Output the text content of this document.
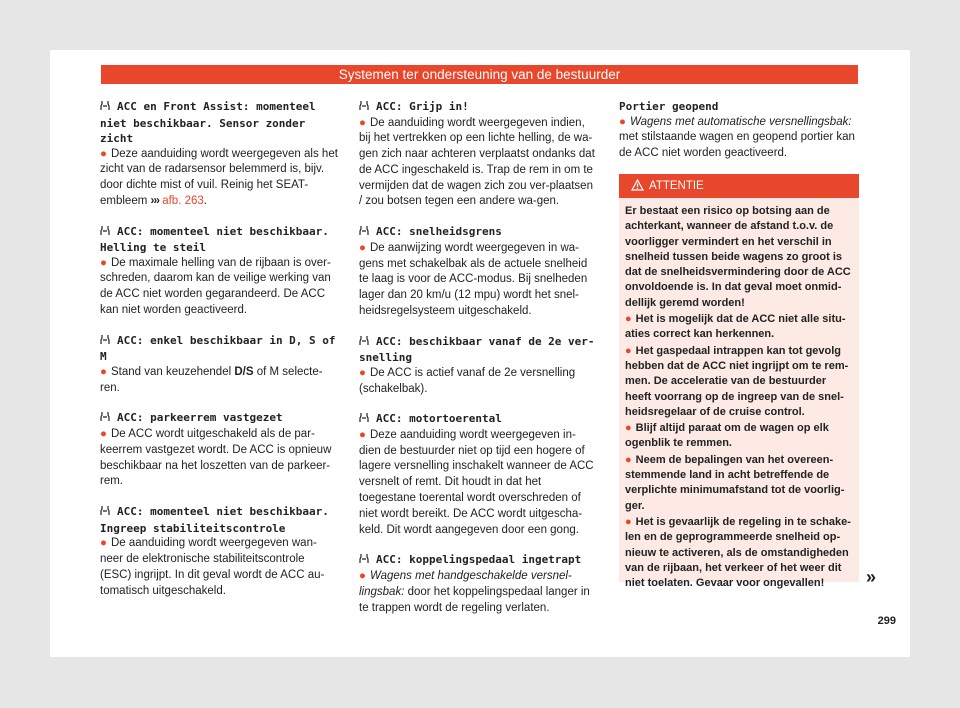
Systemen ter ondersteuning van de bestuurder
ACC en Front Assist: momenteel niet beschikbaar. Sensor zonder zicht
● Deze aanduiding wordt weergegeven als het zicht van de radarsensor belemmerd is, bijv. door dichte mist of vuil. Reinig het SEAT-embleem ››› afb. 263.
ACC: momenteel niet beschikbaar. Helling te steil
● De maximale helling van de rijbaan is over-schreden, daarom kan de veilige werking van de ACC niet worden gegarandeerd. De ACC kan niet worden geactiveerd.
ACC: enkel beschikbaar in D, S of M
● Stand van keuzehendel D/S of M selecte-ren.
ACC: parkeerrem vastgezet
● De ACC wordt uitgeschakeld als de par-keerrem vastgezet wordt. De ACC is opnieuw beschikbaar na het loszetten van de parkeer-rem.
ACC: momenteel niet beschikbaar. Ingreep stabiliteitscontrole
● De aanduiding wordt weergegeven wan-neer de elektronische stabiliteitscontrole (ESC) ingrijpt. In dit geval wordt de ACC au-tomatisch uitgeschakeld.
ACC: Grijp in!
● De aanduiding wordt weergegeven indien, bij het vertrekken op een lichte helling, de wa-gen zich naar achteren verplaatst ondanks dat de ACC ingeschakeld is. Trap de rem in om te vermijden dat de wagen zich zou ver-plaatsen / zou botsen tegen een andere wa-gen.
ACC: snelheidsgrens
● De aanwijzing wordt weergegeven in wa-gens met schakelbak als de actuele snelheid te laag is voor de ACC-modus. Bij snelheden lager dan 20 km/u (12 mpu) wordt het snel-heidsregelsysteem uitgeschakeld.
ACC: beschikbaar vanaf de 2e ver-snelling
● De ACC is actief vanaf de 2e versnelling (schakelbak).
ACC: motortoerental
● Deze aanduiding wordt weergegeven in-dien de bestuurder niet op tijd een hogere of lagere versnelling inschakelt wanneer de ACC versnelt of remt. Dit houdt in dat het toegestane toerental wordt overschreden of niet wordt bereikt. De ACC wordt uitgescha-keld. Dit wordt aangegeven door een gong.
ACC: koppelingspedaal ingetrapt
● Wagens met handgeschakelde versnel-lingsbak: door het koppelingspedaal langer in te trappen wordt de regeling verlaten.
Portier geopend
● Wagens met automatische versnellingsbak: met stilstaande wagen en geopend portier kan de ACC niet worden geactiveerd.
ATTENTIE
Er bestaat een risico op botsing aan de achterkant, wanneer de afstand t.o.v. de voorligger vermindert en het verschil in snelheid tussen beide wagens zo groot is dat de snelheidsvermindering door de ACC onvoldoende is. In dat geval moet onmid-dellijk geremd worden!
● Het is mogelijk dat de ACC niet alle situ-aties correct kan herkennen.
● Het gaspedaal intrappen kan tot gevolg hebben dat de ACC niet ingrijpt om te rem-men. De acceleratie van de bestuurder heeft voorrang op de ingreep van de snel-heidsregelaar of de cruise control.
● Blijf altijd paraat om de wagen op elk ogenblik te remmen.
● Neem de bepalingen van het overeen-stemmende land in acht betreffende de verplichte minimumafstand tot de voorlig-ger.
● Het is gevaarlijk de regeling in te schake-len en de geprogrammeerde snelheid op-nieuw te activeren, als de omstandigheden van de rijbaan, het verkeer of het weer dit niet toelaten. Gevaar voor ongevallen!	»
299
